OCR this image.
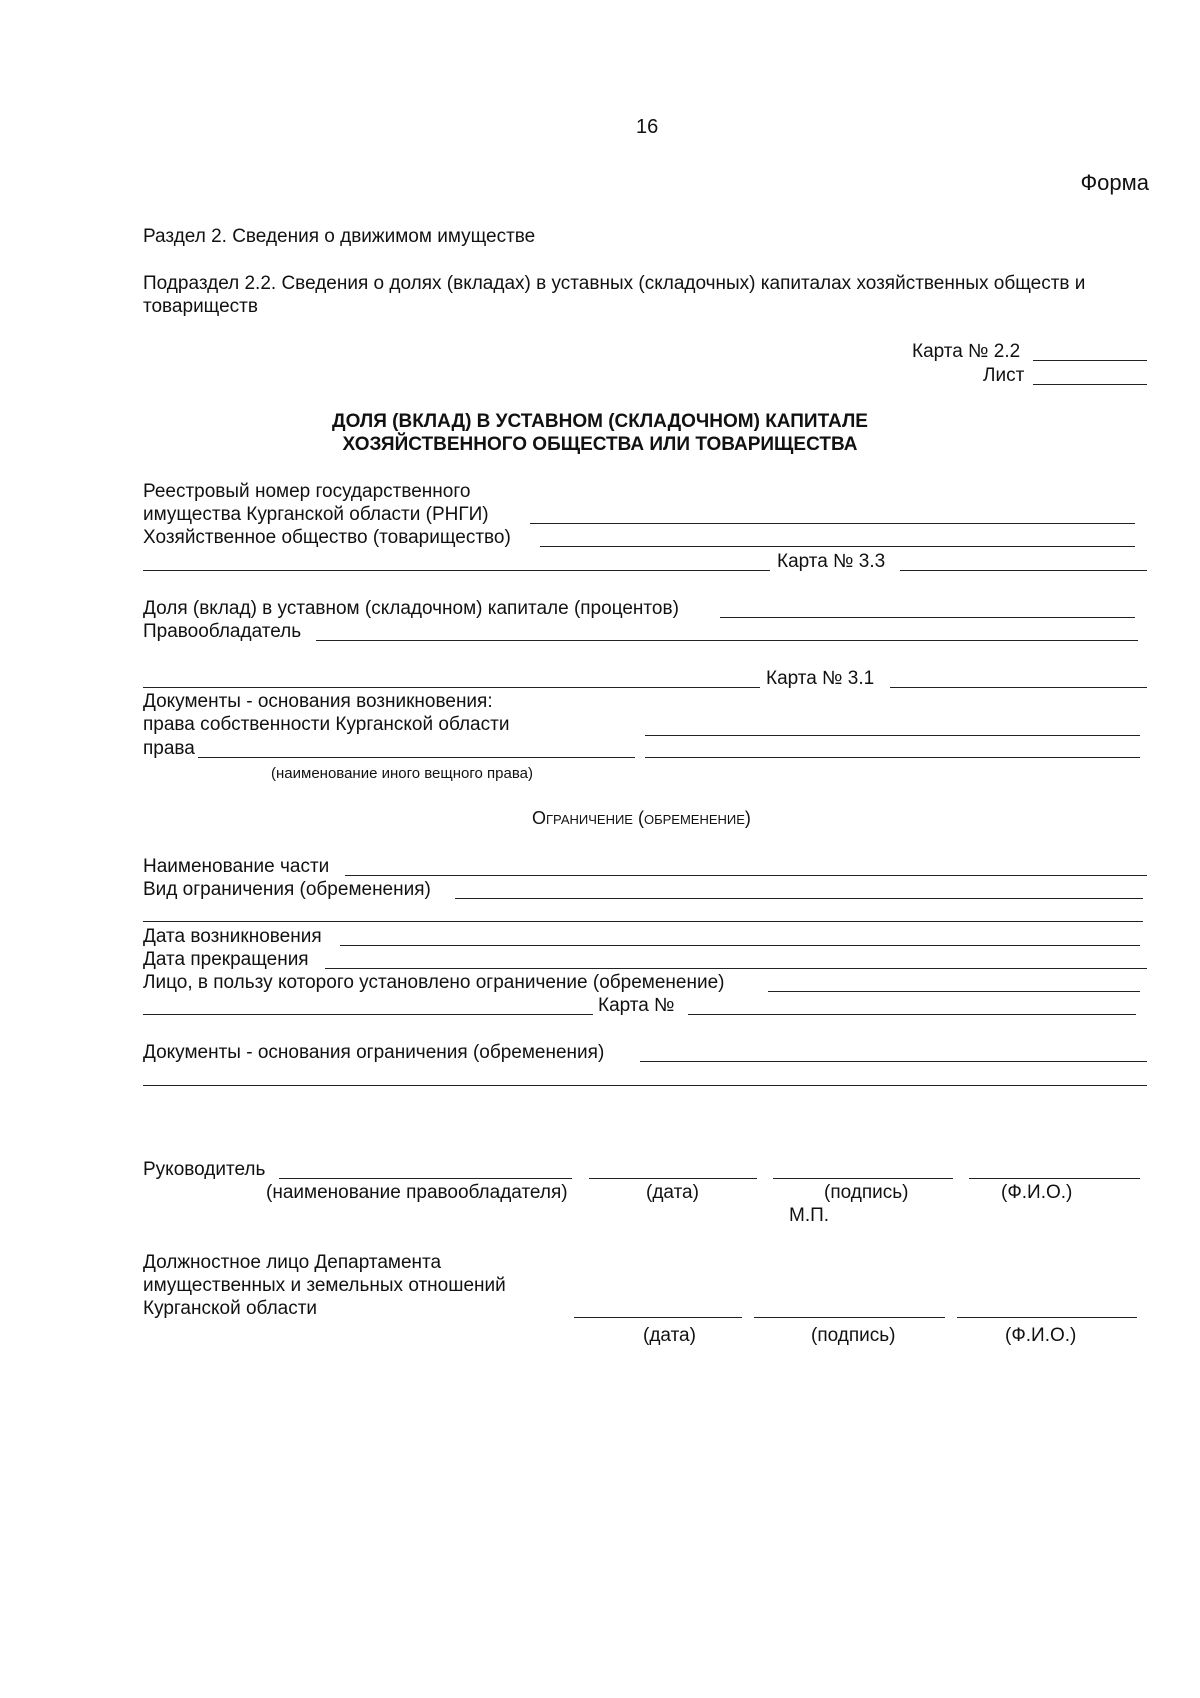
16
Форма
Раздел 2. Сведения о движимом имуществе
Подраздел 2.2. Сведения о долях (вкладах) в уставных (складочных) капиталах хозяйственных обществ и
товариществ
Карта № 2.2
Лист
ДОЛЯ (ВКЛАД) В УСТАВНОМ (СКЛАДОЧНОМ) КАПИТАЛЕ
ХОЗЯЙСТВЕННОГО ОБЩЕСТВА ИЛИ ТОВАРИЩЕСТВА
Реестровый номер государственного
имущества Курганской области (РНГИ)
Хозяйственное общество (товарищество)
Карта № 3.3
Доля (вклад) в уставном (складочном) капитале (процентов)
Правообладатель
Карта № 3.1
Документы - основания возникновения:
права собственности Курганской области
права
(наименование иного вещного права)
Ограничение (обременение)
Наименование части
Вид ограничения (обременения)
Дата возникновения
Дата прекращения
Лицо, в пользу которого установлено ограничение (обременение)
Карта №
Документы - основания ограничения (обременения)
Руководитель
(наименование правообладателя)	(дата)	(подпись)	(Ф.И.О.)
М.П.
Должностное лицо Департамента
имущественных и земельных отношений
Курганской области
(дата)	(подпись)	(Ф.И.О.)
